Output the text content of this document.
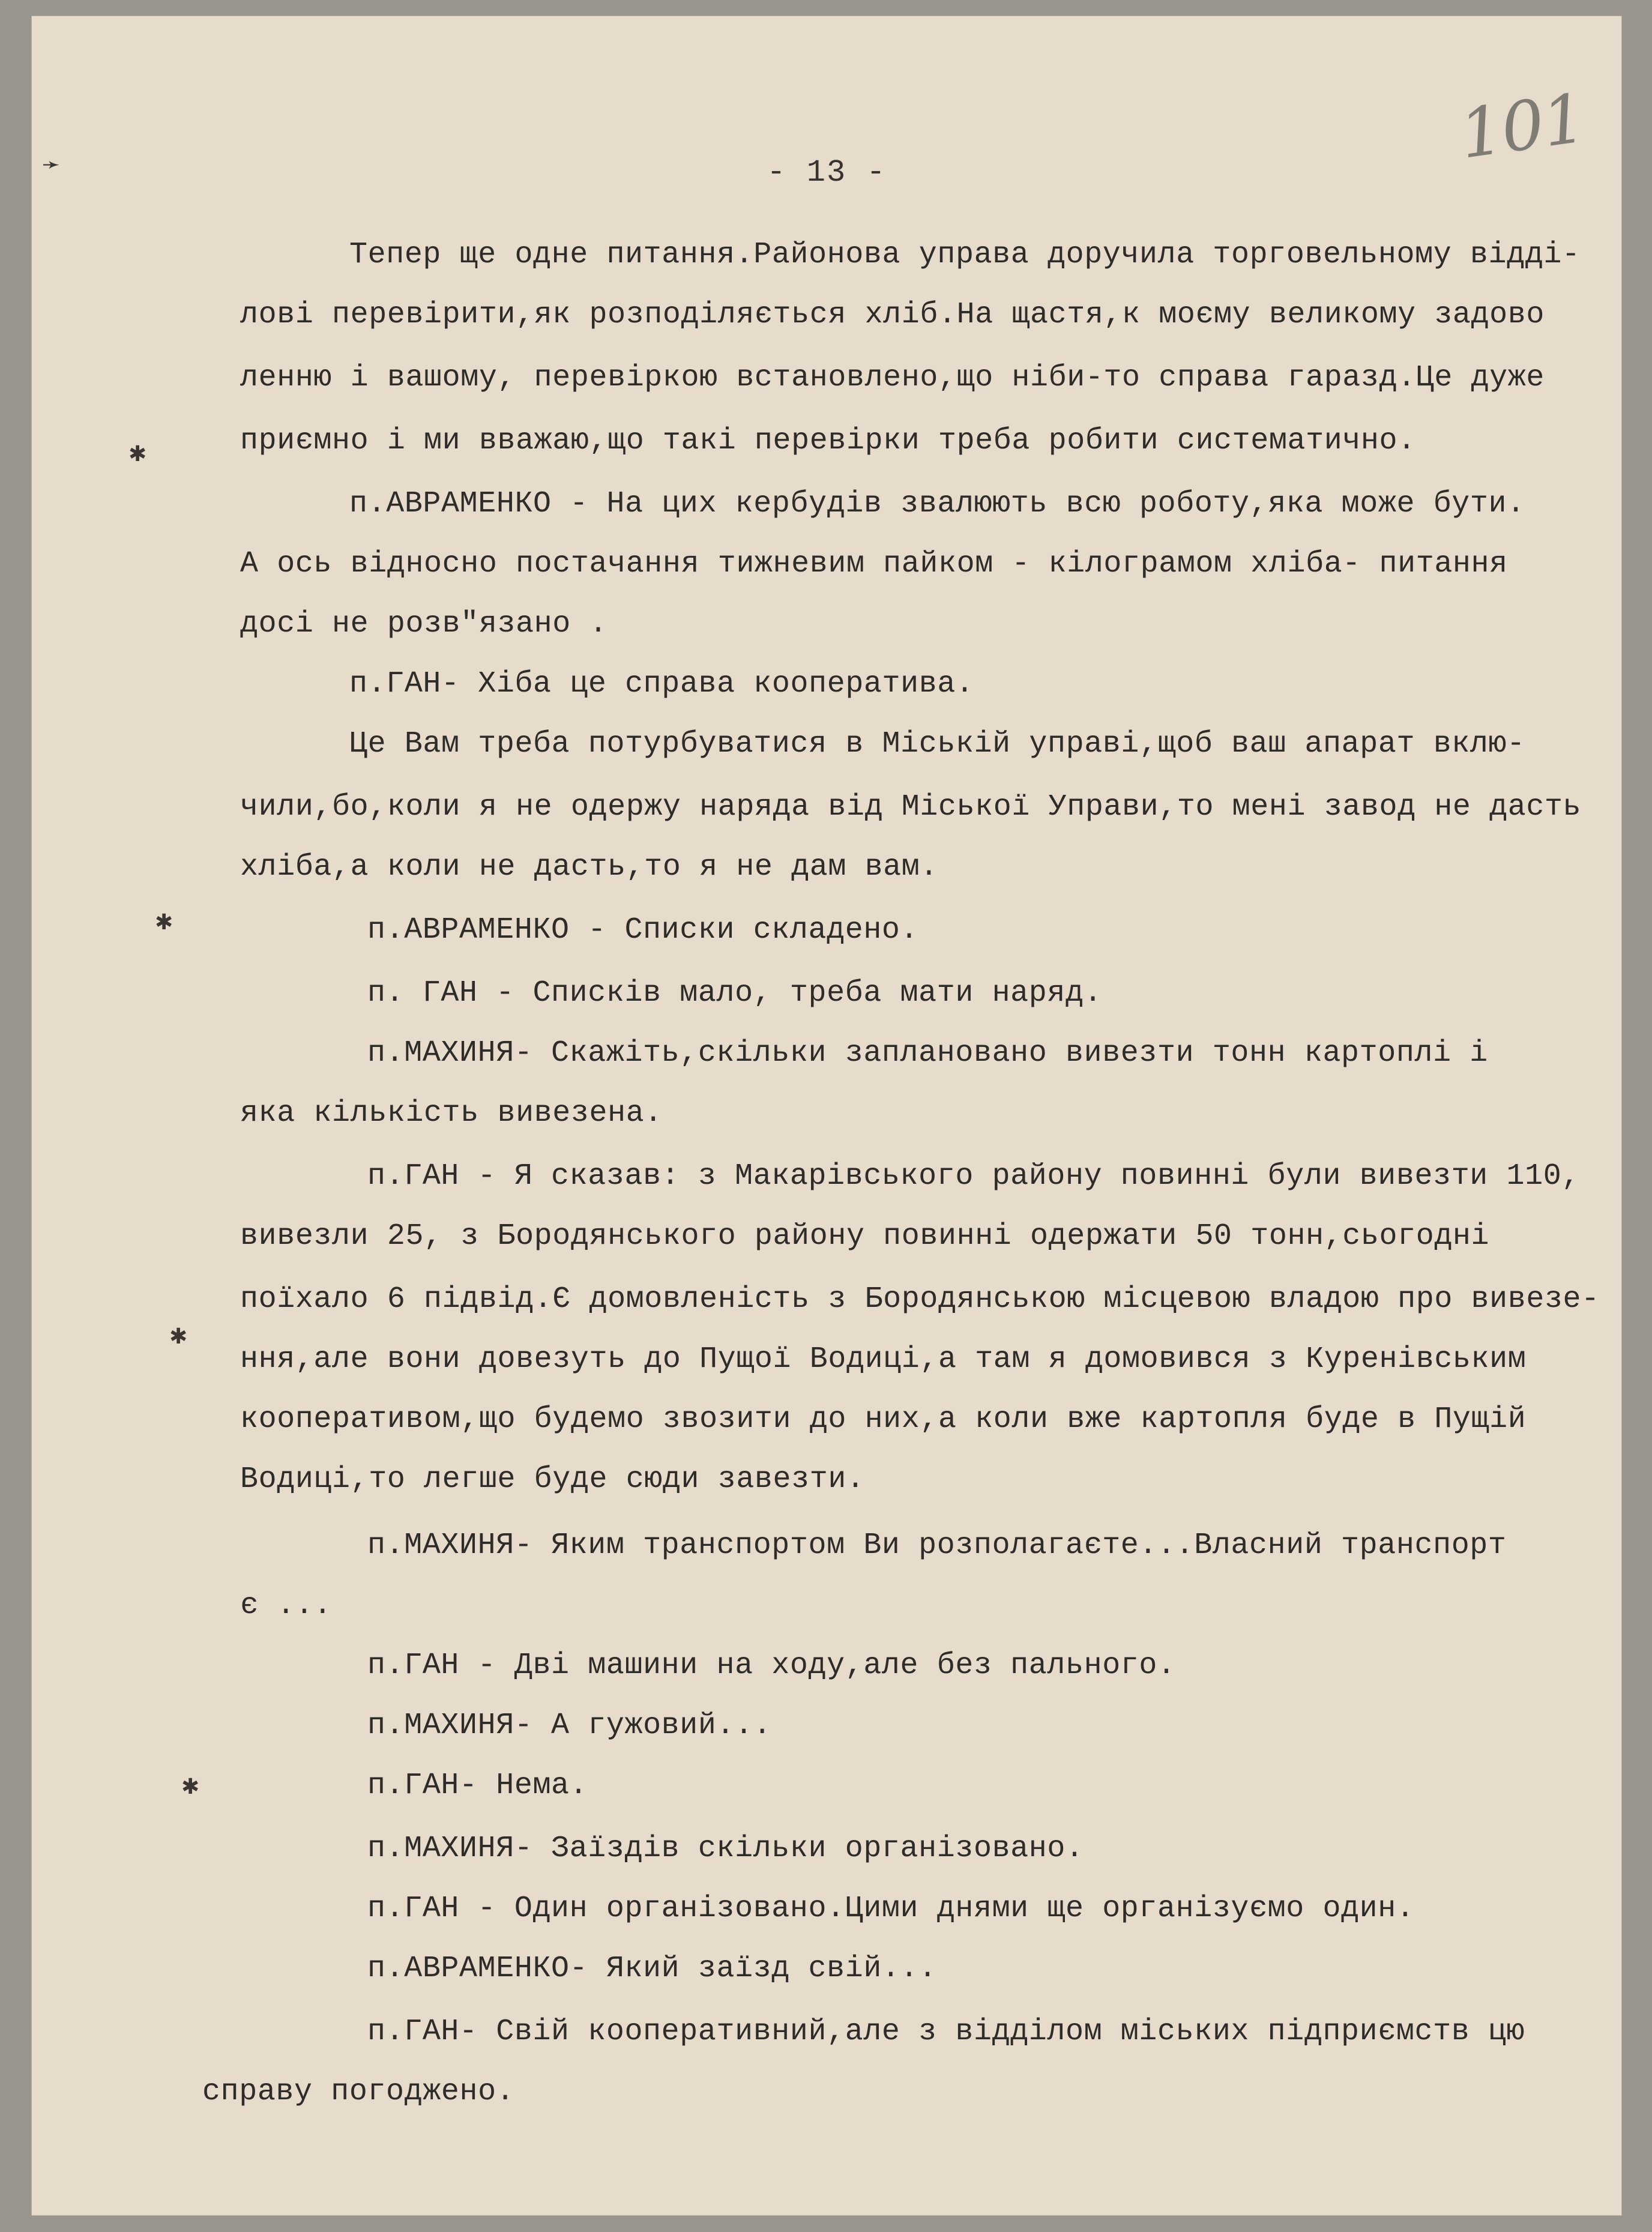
101
- 13 -
Тепер ще одне питання.Районова управа доручила торговельному відді-
лові перевірити,як розподіляється хліб.На щастя,к моєму великому задово
ленню і вашому, перевіркою встановлено,що ніби-то справа гаразд.Це дуже
приємно і ми вважаю,що такі перевірки треба робити систематично.
п.АВРАМЕНКО - На цих кербудів звалюють всю роботу,яка може бути.
А ось відносно постачання тижневим пайком - кілограмом хліба- питання
досі не розв"язано .
п.ГАН- Хіба це справа кооператива.
Це Вам треба потурбуватися в Міській управі,щоб ваш апарат вклю-
чили,бо,коли я не одержу наряда від Міської Управи,то мені завод не дасть
хліба,а коли не дасть,то я не дам вам.
п.АВРАМЕНКО - Списки складено.
п. ГАН - Списків мало, треба мати наряд.
п.МАХИНЯ- Скажіть,скільки заплановано вивезти тонн картоплі і
яка кількість вивезена.
п.ГАН - Я сказав: з Макарівського району повинні були вивезти 110,
вивезли 25, з Бородянського району повинні одержати 50 тонн,сьогодні
поїхало 6 підвід.Є домовленість з Бородянською місцевою владою про вивезе-
ння,але вони довезуть до Пущої Водиці,а там я домовився з Куренівським
кооперативом,що будемо звозити до них,а коли вже картопля буде в Пущій
Водиці,то легше буде сюди завезти.
п.МАХИНЯ- Яким транспортом Ви розполагаєте...Власний транспорт
є ...
п.ГАН - Дві машини на ходу,але без пального.
п.МАХИНЯ- А гужовий...
п.ГАН- Нема.
п.МАХИНЯ- Заїздів скільки організовано.
п.ГАН - Один організовано.Цими днями ще організуємо один.
п.АВРАМЕНКО- Який заїзд свій...
п.ГАН- Свій кооперативний,але з відділом міських підприємств цю
справу погоджено.
➛
✱
✱
✱
✱
